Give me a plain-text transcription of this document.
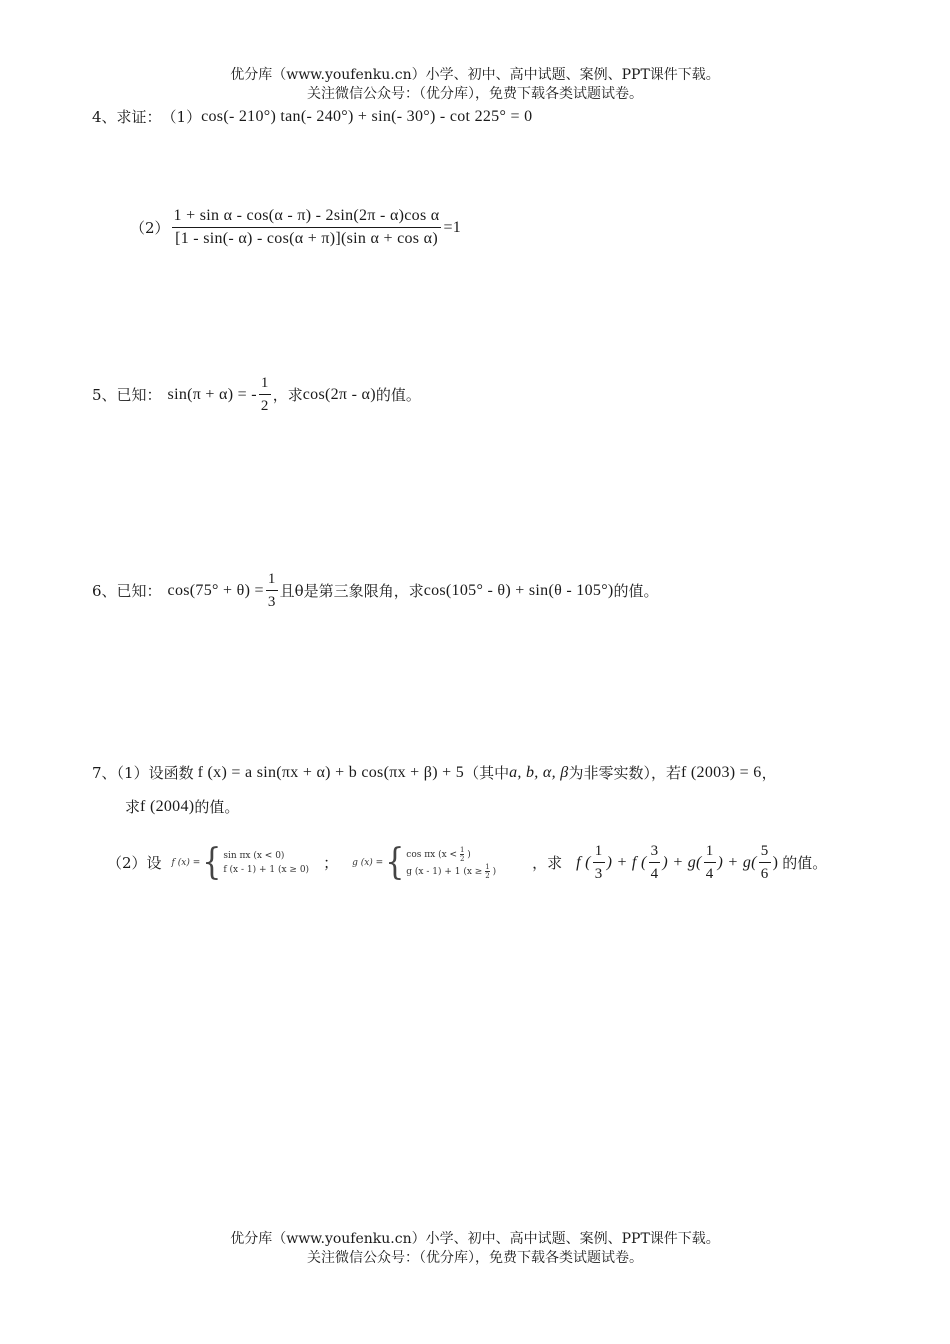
优分库（www.youfenku.cn）小学、初中、高中试题、案例、PPT课件下载。
关注微信公众号：（优分库），免费下载各类试题试卷。
4、求证： （1） cos(- 210°) tan(- 240°) + sin(- 30°) - cot 225° = 0
$(2) \frac{\text{1 + sin α - cos(α - π) - 2sin(2π - α)cos α}}{\text{[1 - sin(- α) - cos(α + π)](sin α + cos α)}} =1$
5、已知： sin(π + α) = - $\frac{1}{2}$ ，求 cos(2π - α) 的值。
6、已知： $\cos(75^\circ + \theta) = \frac{1}{3}$ 且θ是第三象限角，求 cos(105° - θ) + sin(θ - 105°) 的值。
7、（1）设函数 f (x) = a sin(πx + α) + b cos(πx + β) + 5 （其中 a, b, α, β 为非零实数），若 f (2003) = 6 ，
求 f (2004) 的值。
（2）设 f (x) = { sin πx (x < 0)
f (x - 1) + 1 (x ≥ 0) ； g (x) = { cos πx ($x < \frac{1}{2}$ )
g (x - 1) + 1 ($x \ge \frac{1}{2}$ ) ，求 f ( $\frac{1}{3}$ ) + f ( $\frac{3}{4}$ ) + $g( \frac{1}{4}$ ) + $g( \frac{5}{6}$ ) 的值。
优分库（www.youfenku.cn）小学、初中、高中试题、案例、PPT课件下载。
关注微信公众号：（优分库），免费下载各类试题试卷。
